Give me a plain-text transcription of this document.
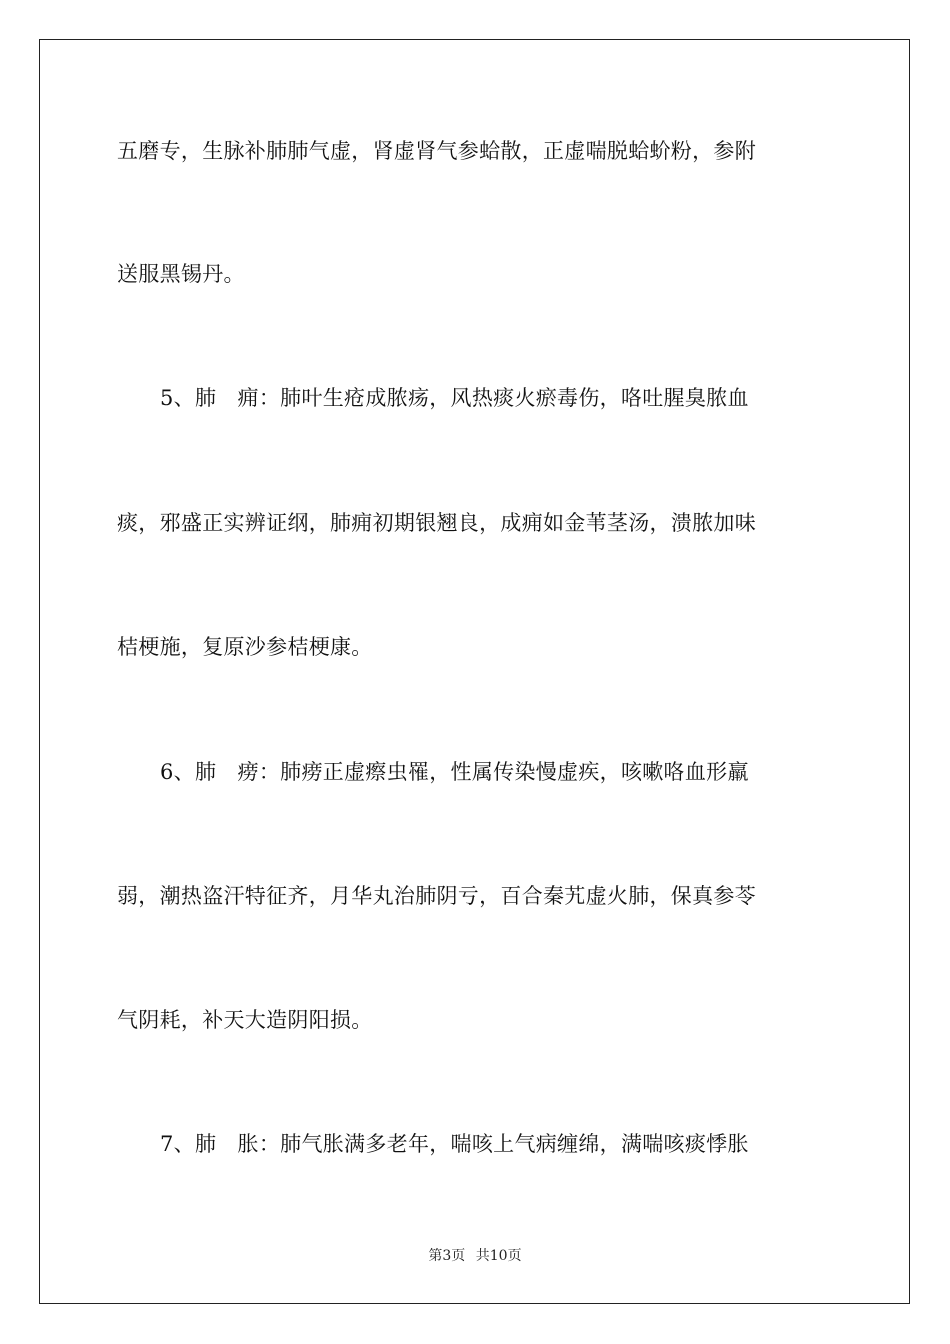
五磨专，生脉补肺肺气虚，肾虚肾气参蛤散，正虚喘脱蛤蚧粉，参附
送服黑锡丹。
5、肺　痈：肺叶生疮成脓疡，风热痰火瘀毒伤，咯吐腥臭脓血
痰，邪盛正实辨证纲，肺痈初期银翘良，成痈如金苇茎汤，溃脓加味
桔梗施，复原沙参桔梗康。
6、肺　痨：肺痨正虚瘵虫罹，性属传染慢虚疾，咳嗽咯血形羸
弱，潮热盗汗特征齐，月华丸治肺阴亏，百合秦艽虚火肺，保真参苓
气阴耗，补天大造阴阳损。
7、肺　胀：肺气胀满多老年，喘咳上气病缠绵，满喘咳痰悸胀
第3页 共10页
